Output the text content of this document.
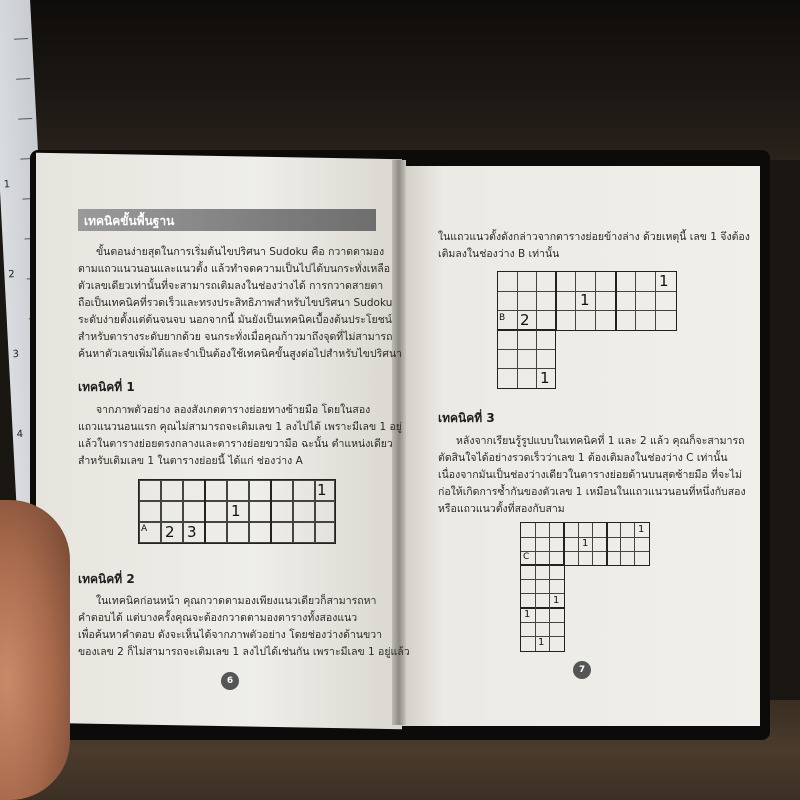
1
2
3
4
เทคนิคขั้นพื้นฐาน
ขั้นตอนง่ายสุดในการเริ่มต้นไขปริศนา Sudoku คือ กวาดตามอง
ตามแถวแนวนอนและแนวตั้ง แล้วทำจดความเป็นไปได้บนกระทั่งเหลือ
ตัวเลขเดียวเท่านั้นที่จะสามารถเติมลงในช่องว่างได้ การกวาดสายตา
ถือเป็นเทคนิคที่รวดเร็วและทรงประสิทธิภาพสำหรับไขปริศนา Sudoku
ระดับง่ายตั้งแต่ต้นจนจบ นอกจากนี้ มันยังเป็นเทคนิคเบื้องต้นประโยชน์
สำหรับตารางระดับยากด้วย จนกระทั่งเมื่อคุณก้าวมาถึงจุดที่ไม่สามารถ
ค้นหาตัวเลขเพิ่มได้และจำเป็นต้องใช้เทคนิคขั้นสูงต่อไปสำหรับไขปริศนา
เทคนิคที่ 1
จากภาพตัวอย่าง ลองสังเกตตารางย่อยทางซ้ายมือ โดยในสอง
แถวแนวนอนแรก คุณไม่สามารถจะเติมเลข 1 ลงไปได้ เพราะมีเลข 1 อยู่
แล้วในตารางย่อยตรงกลางและตารางย่อยขวามือ ฉะนั้น ตำแหน่งเดียว
สำหรับเติมเลข 1 ในตารางย่อยนี้ ได้แก่ ช่องว่าง A
A 2 3
1
1
เทคนิคที่ 2
ในเทคนิคก่อนหน้า คุณกวาดตามองเพียงแนวเดียวก็สามารถหา
คำตอบได้ แต่บางครั้งคุณจะต้องกวาดตามองตารางทั้งสองแนว
เพื่อค้นหาคำตอบ ดังจะเห็นได้จากภาพตัวอย่าง โดยช่องว่างด้านขวา
ของเลข 2 ก็ไม่สามารถจะเติมเลข 1 ลงไปได้เช่นกัน เพราะมีเลข 1 อยู่แล้ว
6
ในแถวแนวตั้งดังกล่าวจากตารางย่อยข้างล่าง ด้วยเหตุนี้ เลข 1 จึงต้อง
เติมลงในช่องว่าง B เท่านั้น
1
1
2
B
1
เทคนิคที่ 3
หลังจากเรียนรู้รูปแบบในเทคนิคที่ 1 และ 2 แล้ว คุณก็จะสามารถ
ตัดสินใจได้อย่างรวดเร็วว่าเลข 1 ต้องเติมลงในช่องว่าง C เท่านั้น
เนื่องจากมันเป็นช่องว่างเดียวในตารางย่อยด้านบนสุดซ้ายมือ ที่จะไม่
ก่อให้เกิดการซ้ำกันของตัวเลข 1 เหมือนในแถวแนวนอนที่หนึ่งกับสอง
หรือแถวแนวตั้งที่สองกับสาม
1
1
C
1
1
1
7
